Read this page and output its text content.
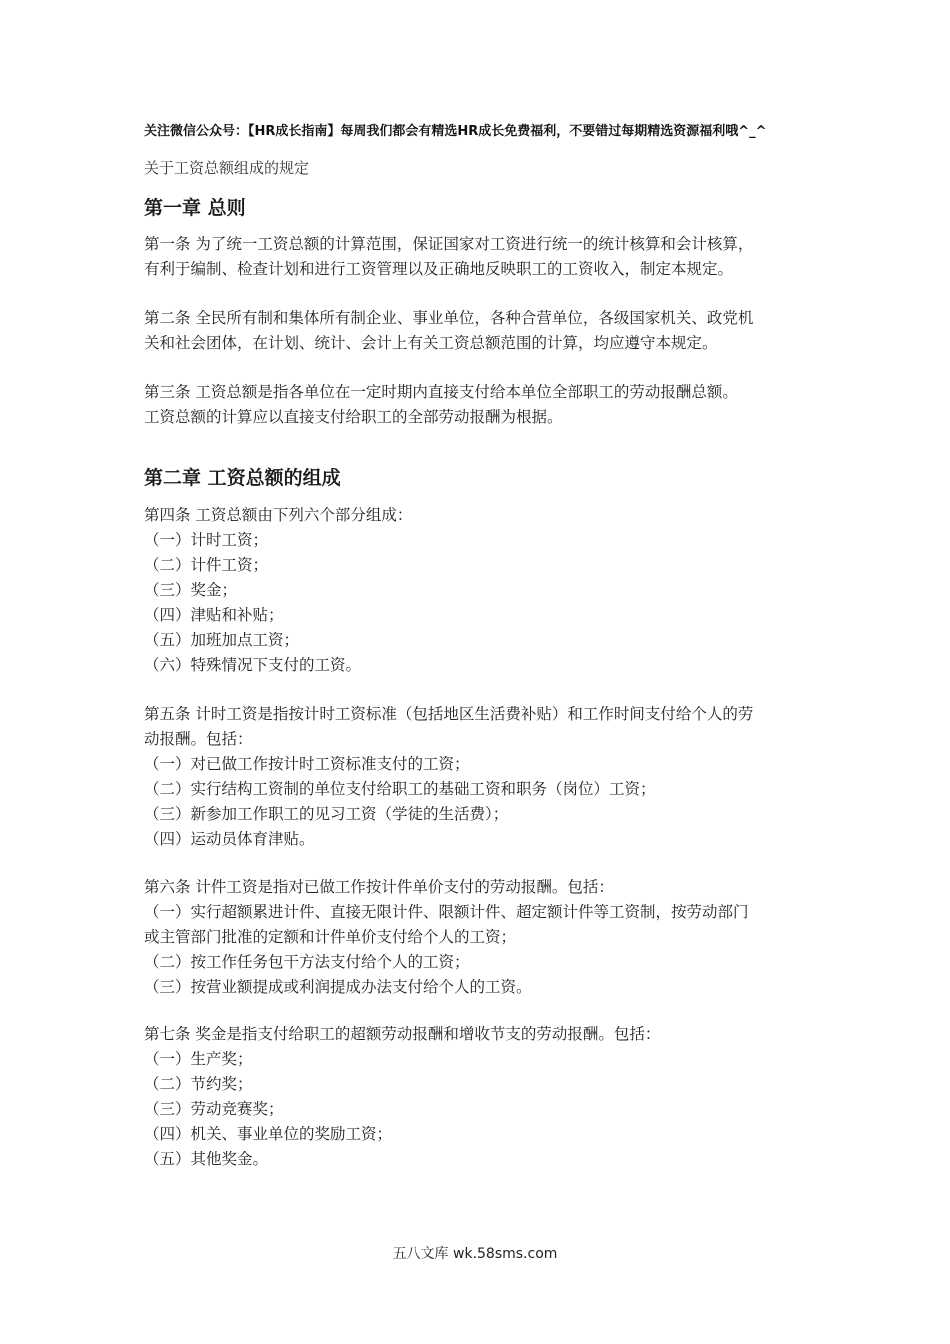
关注微信公众号：【HR成长指南】每周我们都会有精选HR成长免费福利，不要错过每期精选资源福利哦^_^
关于工资总额组成的规定
第一章 总则
第一条 为了统一工资总额的计算范围，保证国家对工资进行统一的统计核算和会计核算，
有利于编制、检查计划和进行工资管理以及正确地反映职工的工资收入，制定本规定。
第二条 全民所有制和集体所有制企业、事业单位，各种合营单位，各级国家机关、政党机
关和社会团体，在计划、统计、会计上有关工资总额范围的计算，均应遵守本规定。
第三条 工资总额是指各单位在一定时期内直接支付给本单位全部职工的劳动报酬总额。
工资总额的计算应以直接支付给职工的全部劳动报酬为根据。
第二章 工资总额的组成
第四条 工资总额由下列六个部分组成：
（一）计时工资；
（二）计件工资；
（三）奖金；
（四）津贴和补贴；
（五）加班加点工资；
（六）特殊情况下支付的工资。
第五条 计时工资是指按计时工资标准（包括地区生活费补贴）和工作时间支付给个人的劳
动报酬。包括：
（一）对已做工作按计时工资标准支付的工资；
（二）实行结构工资制的单位支付给职工的基础工资和职务（岗位）工资；
（三）新参加工作职工的见习工资（学徒的生活费）；
（四）运动员体育津贴。
第六条 计件工资是指对已做工作按计件单价支付的劳动报酬。包括：
（一）实行超额累进计件、直接无限计件、限额计件、超定额计件等工资制，按劳动部门
或主管部门批准的定额和计件单价支付给个人的工资；
（二）按工作任务包干方法支付给个人的工资；
（三）按营业额提成或利润提成办法支付给个人的工资。
第七条 奖金是指支付给职工的超额劳动报酬和增收节支的劳动报酬。包括：
（一）生产奖；
（二）节约奖；
（三）劳动竞赛奖；
（四）机关、事业单位的奖励工资；
（五）其他奖金。
五八文库 wk.58sms.com
